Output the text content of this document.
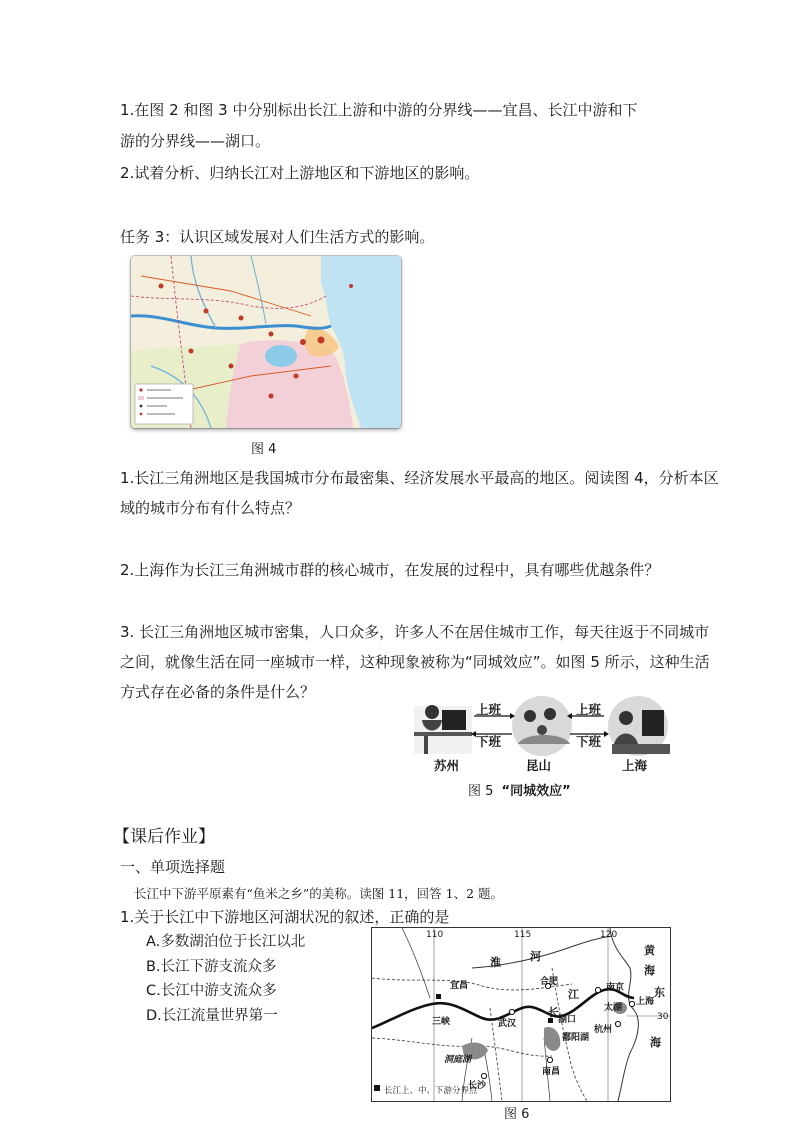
1.在图 2 和图 3 中分别标出长江上游和中游的分界线——宜昌、长江中游和下
游的分界线——湖口。
2.试着分析、归纳长江对上游地区和下游地区的影响。
任务 3：认识区域发展对人们生活方式的影响。
图 4
1.长江三角洲地区是我国城市分布最密集、经济发展水平最高的地区。阅读图 4，分析本区
域的城市分布有什么特点？
2.上海作为长江三角洲城市群的核心城市，在发展的过程中，具有哪些优越条件？
3. 长江三角洲地区城市密集，人口众多，许多人不在居住城市工作，每天往返于不同城市
之间，就像生活在同一座城市一样，这种现象被称为“同城效应”。如图 5 所示，这种生活
方式存在必备的条件是什么？
上班
下班
上班
下班
苏州	昆山	上海
图 5 “同城效应”
【课后作业】
一、单项选择题
长江中下游平原素有“鱼米之乡”的美称。读图 11，回答 1、2 题。
1.关于长江中下游地区河湖状况的叙述，正确的是
A.多数湖泊位于长江以北
B.长江下游支流众多
C.长江中游支流众多
D.长江流量世界第一
110	115	120
30
宜昌
三峡	武汉
合肥
南京
上海
杭州
太湖
湖口
鄱阳湖
洞庭湖
长沙
南昌
淮	河
江
长
黄
海
东
海
长江上、中、下游分界点
图 6
